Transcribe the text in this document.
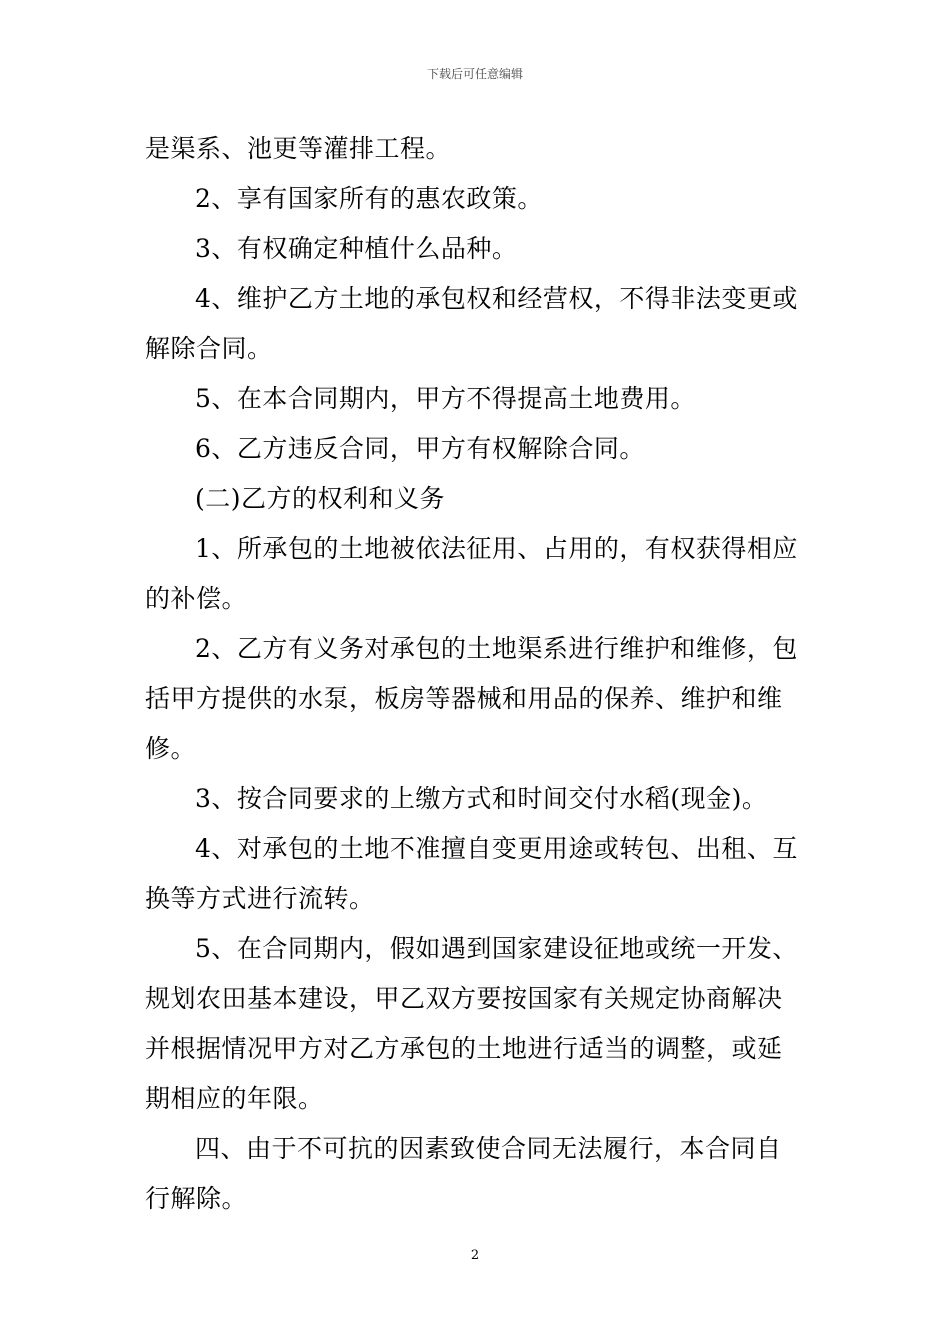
下载后可任意编辑
是渠系、池更等灌排工程。
2、享有国家所有的惠农政策。
3、有权确定种植什么品种。
4、维护乙方土地的承包权和经营权，不得非法变更或
解除合同。
5、在本合同期内，甲方不得提高土地费用。
6、乙方违反合同，甲方有权解除合同。
(二)乙方的权利和义务
1、所承包的土地被依法征用、占用的，有权获得相应
的补偿。
2、乙方有义务对承包的土地渠系进行维护和维修，包
括甲方提供的水泵，板房等器械和用品的保养、维护和维
修。
3、按合同要求的上缴方式和时间交付水稻(现金)。
4、对承包的土地不准擅自变更用途或转包、出租、互
换等方式进行流转。
5、在合同期内，假如遇到国家建设征地或统一开发、
规划农田基本建设，甲乙双方要按国家有关规定协商解决
并根据情况甲方对乙方承包的土地进行适当的调整，或延
期相应的年限。
四、由于不可抗的因素致使合同无法履行，本合同自
行解除。
2
